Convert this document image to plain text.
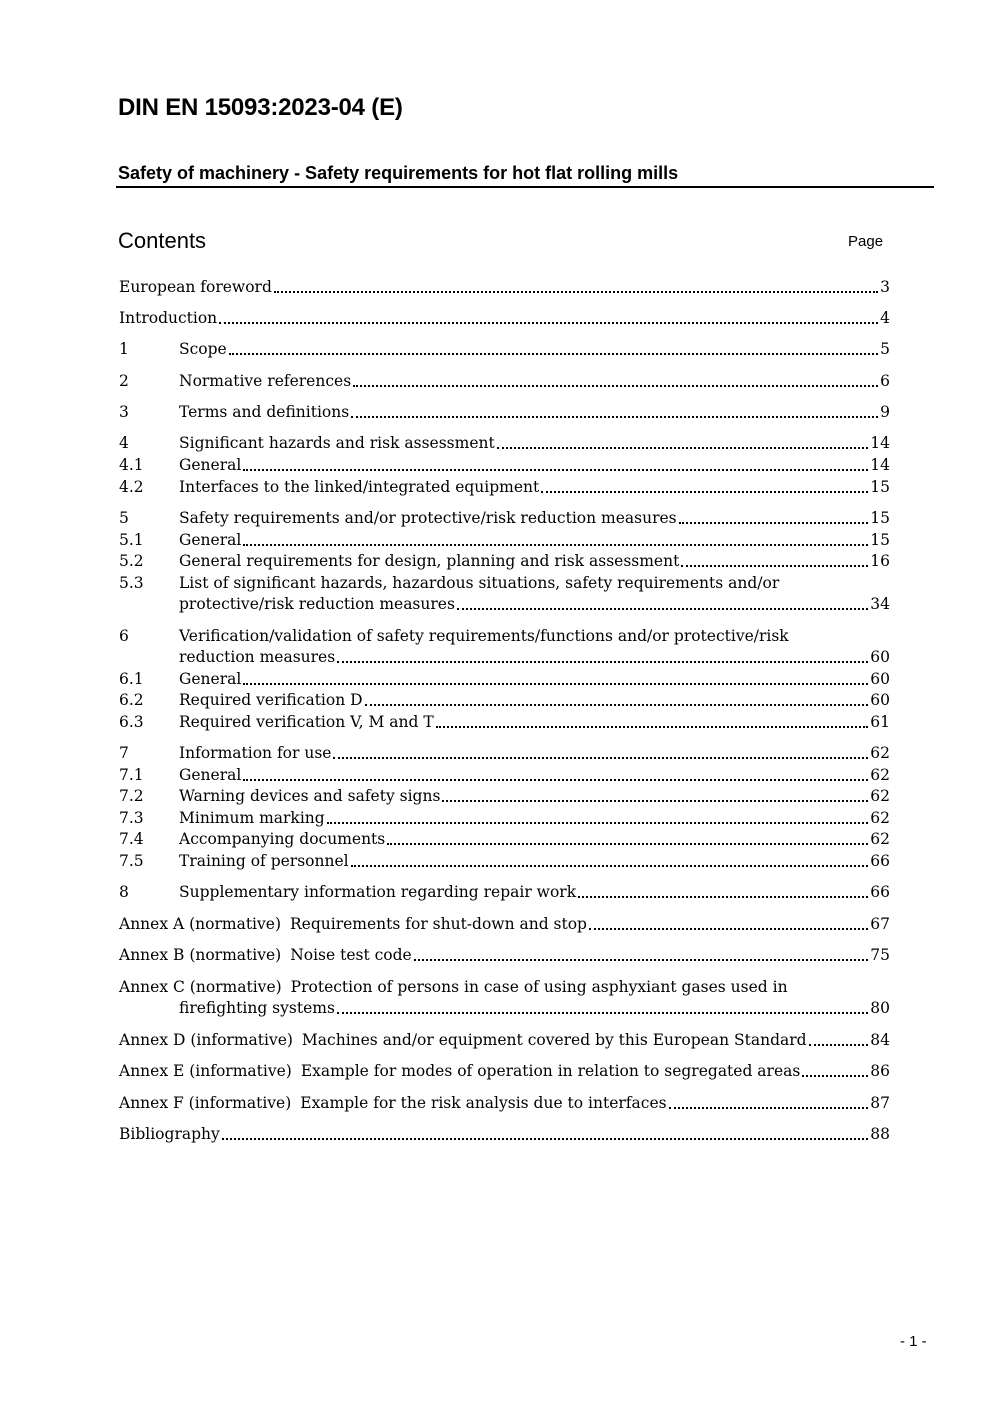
DIN EN 15093:2023-04 (E)
Safety of machinery - Safety requirements for hot flat rolling mills
Contents	Page
European foreword	3
Introduction	4
1	Scope	5
2	Normative references	6
3	Terms and definitions	9
4	Significant hazards and risk assessment	14
4.1	General	14
4.2	Interfaces to the linked/integrated equipment	15
5	Safety requirements and/or protective/risk reduction measures	15
5.1	General	15
5.2	General requirements for design, planning and risk assessment	16
5.3	List of significant hazards, hazardous situations, safety requirements and/or
protective/risk reduction measures	34
6	Verification/validation of safety requirements/functions and/or protective/risk
reduction measures	60
6.1	General	60
6.2	Required verification D	60
6.3	Required verification V, M and T	61
7	Information for use	62
7.1	General	62
7.2	Warning devices and safety signs	62
7.3	Minimum marking	62
7.4	Accompanying documents	62
7.5	Training of personnel	66
8	Supplementary information regarding repair work	66
Annex A (normative) Requirements for shut-down and stop	67
Annex B (normative) Noise test code	75
Annex C (normative) Protection of persons in case of using asphyxiant gases used in
firefighting systems	80
Annex D (informative) Machines and/or equipment covered by this European Standard	84
Annex E (informative) Example for modes of operation in relation to segregated areas	86
Annex F (informative) Example for the risk analysis due to interfaces	87
Bibliography	88
- 1 -
